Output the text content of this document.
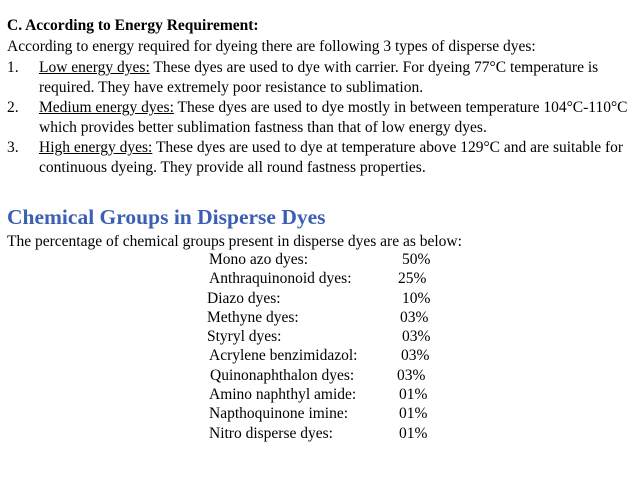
C. According to Energy Requirement:

According to energy required for dyeing there are following 3 types of disperse dyes:
1.	Low energy dyes: These dyes are used to dye with carrier. For dyeing 77°C temperature is required. They have extremely poor resistance to sublimation.
2.	Medium energy dyes: These dyes are used to dye mostly in between temperature 104°C-110°C which provides better sublimation fastness than that of low energy dyes.
3.	High energy dyes: These dyes are used to dye at temperature above 129°C and are suitable for continuous dyeing. They provide all round fastness properties.
Chemical Groups in Disperse Dyes
The percentage of chemical groups present in disperse dyes are as below:
Mono azo dyes:	50%
Anthraquinonoid dyes:	25%
Diazo dyes:	10%
Methyne dyes:	03%
Styryl dyes:	03%
Acrylene benzimidazol:	03%
Quinonaphthalon dyes:	03%
Amino naphthyl amide:	01%
Napthoquinone imine:	01%
Nitro disperse dyes:	01%
